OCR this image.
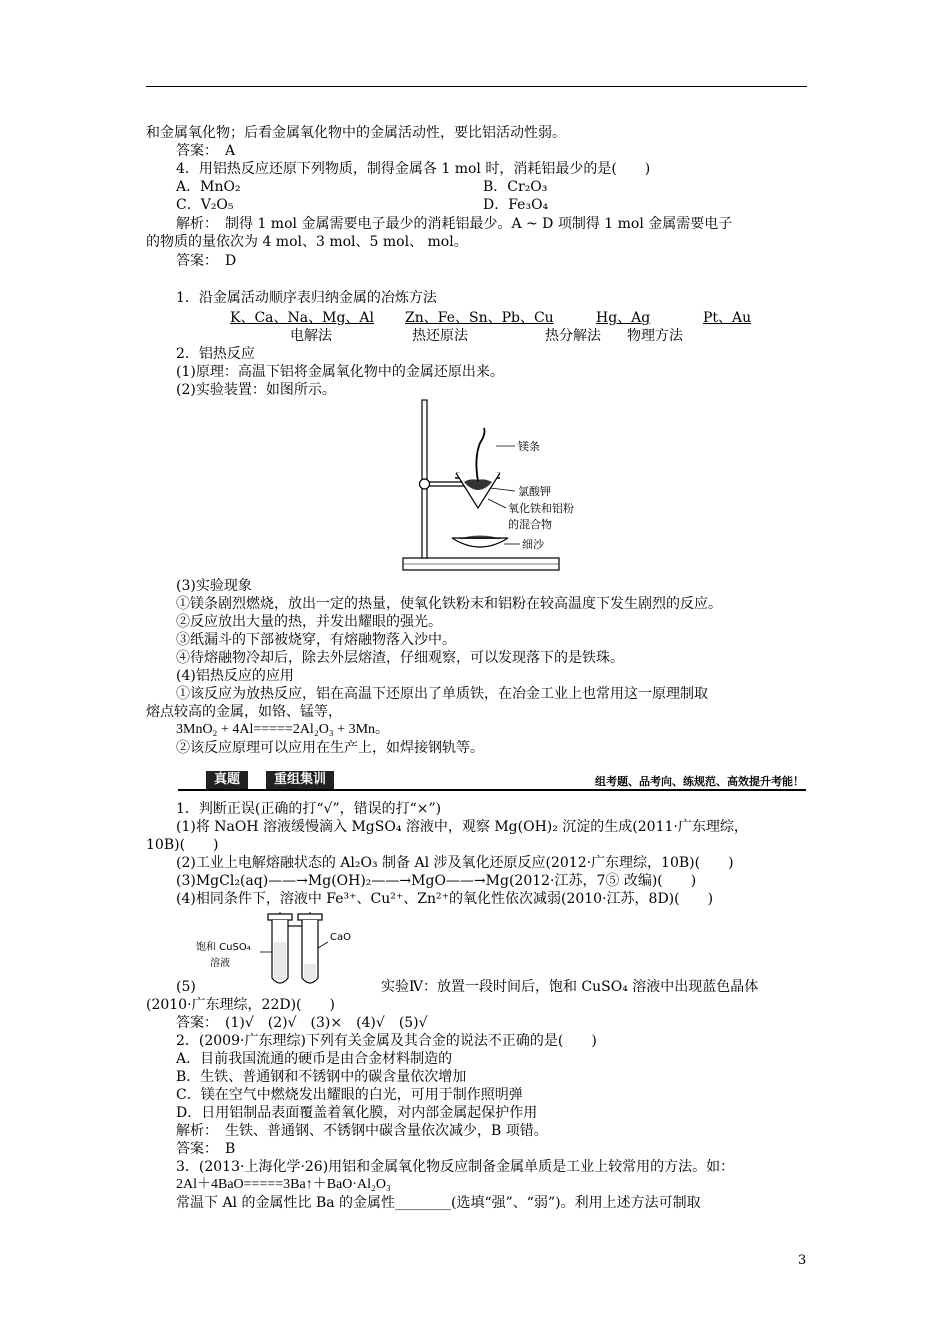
和金属氧化物；后看金属氧化物中的金属活动性，要比铝活动性弱。
答案：　A
4．用铝热反应还原下列物质，制得金属各 1 mol 时，消耗铝最少的是(　　)
A．MnO₂	B．Cr₂O₃
C．V₂O₅	D．Fe₃O₄
解析：　制得 1 mol 金属需要电子最少的消耗铝最少。A ~ D 项制得 1 mol 金属需要电子
的物质的量依次为 4 mol、3 mol、5 mol、 mol。
答案：　D
1．沿金属活动顺序表归纳金属的冶炼方法
K、Ca、Na、Mg、Al Zn、Fe、Sn、Pb、Cu	Hg、Ag	Pt、Au
电解法	热还原法	热分解法 物理方法
2．铝热反应
(1)原理：高温下铝将金属氧化物中的金属还原出来。
(2)实验装置：如图所示。
镁条
氯酸钾
氧化铁和铝粉
的混合物
细沙
(3)实验现象
①镁条剧烈燃烧，放出一定的热量，使氧化铁粉末和铝粉在较高温度下发生剧烈的反应。
②反应放出大量的热，并发出耀眼的强光。
③纸漏斗的下部被烧穿，有熔融物落入沙中。
④待熔融物冷却后，除去外层熔渣，仔细观察，可以发现落下的是铁珠。
(4)铝热反应的应用
①该反应为放热反应，铝在高温下还原出了单质铁，在冶金工业上也常用这一原理制取
熔点较高的金属，如铬、锰等，
3MnO₂ + 4Al=====2Al₂O₃ + 3Mn。
②该反应原理可以应用在生产上，如焊接钢轨等。
真题	重组集训	组考题、品考向、练规范、高效提升考能！
1．判断正误(正确的打“√”，错误的打“×”)
(1)将 NaOH 溶液缓慢滴入 MgSO₄ 溶液中，观察 Mg(OH)₂ 沉淀的生成(2011·广东理综，
10B)(　　)
(2)工业上电解熔融状态的 Al₂O₃ 制备 Al 涉及氧化还原反应(2012·广东理综，10B)(　　)
(3)MgCl₂(aq)——→Mg(OH)₂——→MgO——→Mg(2012·江苏，7⑤ 改编)(　　)
(4)相同条件下，溶液中 Fe³⁺、Cu²⁺、Zn²⁺的氧化性依次减弱(2010·江苏，8D)(　　)
饱和 CuSO₄
溶液
CaO
(5)	实验Ⅳ：放置一段时间后，饱和 CuSO₄ 溶液中出现蓝色晶体
(2010·广东理综，22D)(　　)
答案：　(1)√　(2)√　(3)×　(4)√　(5)√
2．(2009·广东理综)下列有关金属及其合金的说法不正确的是(　　)
A．目前我国流通的硬币是由合金材料制造的
B．生铁、普通钢和不锈钢中的碳含量依次增加
C．镁在空气中燃烧发出耀眼的白光，可用于制作照明弹
D．日用铝制品表面覆盖着氧化膜，对内部金属起保护作用
解析：　生铁、普通钢、不锈钢中碳含量依次减少，B 项错。
答案：　B
3．(2013·上海化学·26)用铝和金属氧化物反应制备金属单质是工业上较常用的方法。如：
2Al＋4BaO=====3Ba↑＋BaO·Al₂O₃
常温下 Al 的金属性比 Ba 的金属性________(选填“强”、“弱”)。利用上述方法可制取
3
